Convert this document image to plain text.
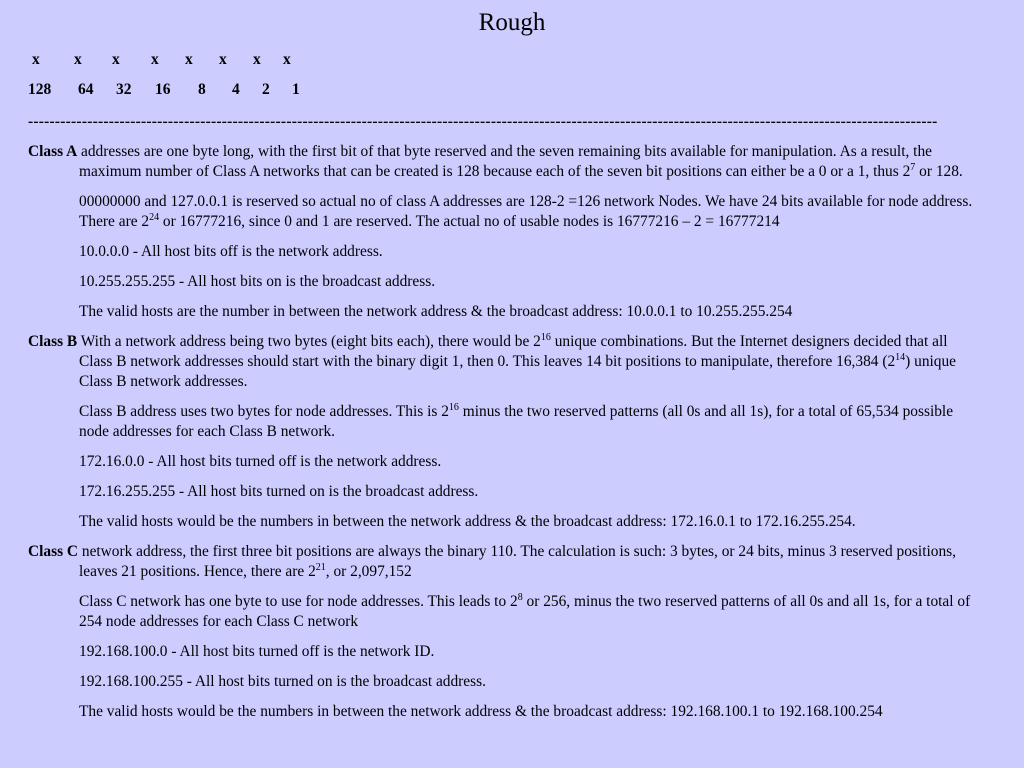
Rough
x x x x x x x x
128 64 32 16 8 4 2 1
-------------------------------------------------------------------------------------------------------------------------------------------------------------------------

Class A addresses are one byte long, with the first bit of that byte reserved and the seven remaining bits available for manipulation. As a result, the maximum number of Class A networks that can be created is 128 because each of the seven bit positions can either be a 0 or a 1, thus $2^7$ or 128.

00000000 and 127.0.0.1 is reserved so actual no of class A addresses are 128-2 =126 network Nodes. We have 24 bits available for node address. There are $2^{24}$ or 16777216, since 0 and 1 are reserved. The actual no of usable nodes is 16777216 – 2 = 16777214

10.0.0.0 - All host bits off is the network address.

10.255.255.255 - All host bits on is the broadcast address.

The valid hosts are the number in between the network address & the broadcast address: 10.0.0.1 to 10.255.255.254

Class B With a network address being two bytes (eight bits each), there would be $2^{16}$ unique combinations. But the Internet designers decided that all Class B network addresses should start with the binary digit 1, then 0. This leaves 14 bit positions to manipulate, therefore 16,384 $(2^{14})$ unique Class B network addresses.

Class B address uses two bytes for node addresses. This is $2^{16}$ minus the two reserved patterns (all 0s and all 1s), for a total of 65,534 possible node addresses for each Class B network.

172.16.0.0 - All host bits turned off is the network address.

172.16.255.255 - All host bits turned on is the broadcast address.

The valid hosts would be the numbers in between the network address & the broadcast address: 172.16.0.1 to 172.16.255.254.

Class C network address, the first three bit positions are always the binary 110. The calculation is such: 3 bytes, or 24 bits, minus 3 reserved positions, leaves 21 positions. Hence, there are $2^{21}$, or 2,097,152

Class C network has one byte to use for node addresses. This leads to $2^8$ or 256, minus the two reserved patterns of all 0s and all 1s, for a total of 254 node addresses for each Class C network

192.168.100.0 - All host bits turned off is the network ID.

192.168.100.255 - All host bits turned on is the broadcast address.

The valid hosts would be the numbers in between the network address & the broadcast address: 192.168.100.1 to 192.168.100.254
